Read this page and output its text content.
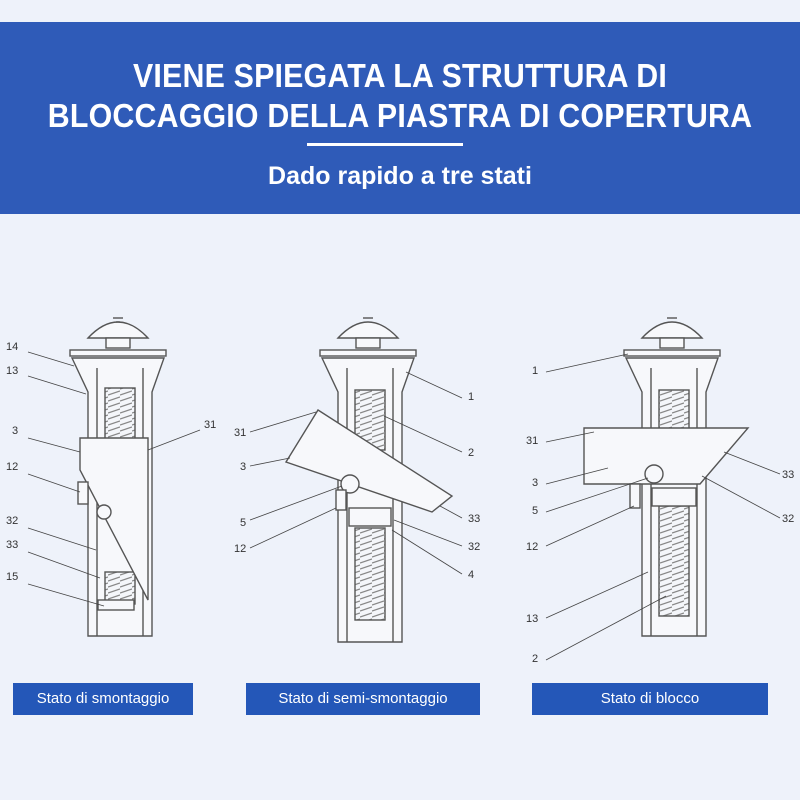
VIENE SPIEGATA LA STRUTTURA DI
BLOCCAGGIO DELLA PIASTRA DI COPERTURA
Dado rapido a tre stati
14
13
3
12
32
33
15
31
31
3
5
12
1
2
33
32
4
1
31
3
5
12
13
2
33
32
Stato di smontaggio	Stato di semi-smontaggio	Stato di blocco
